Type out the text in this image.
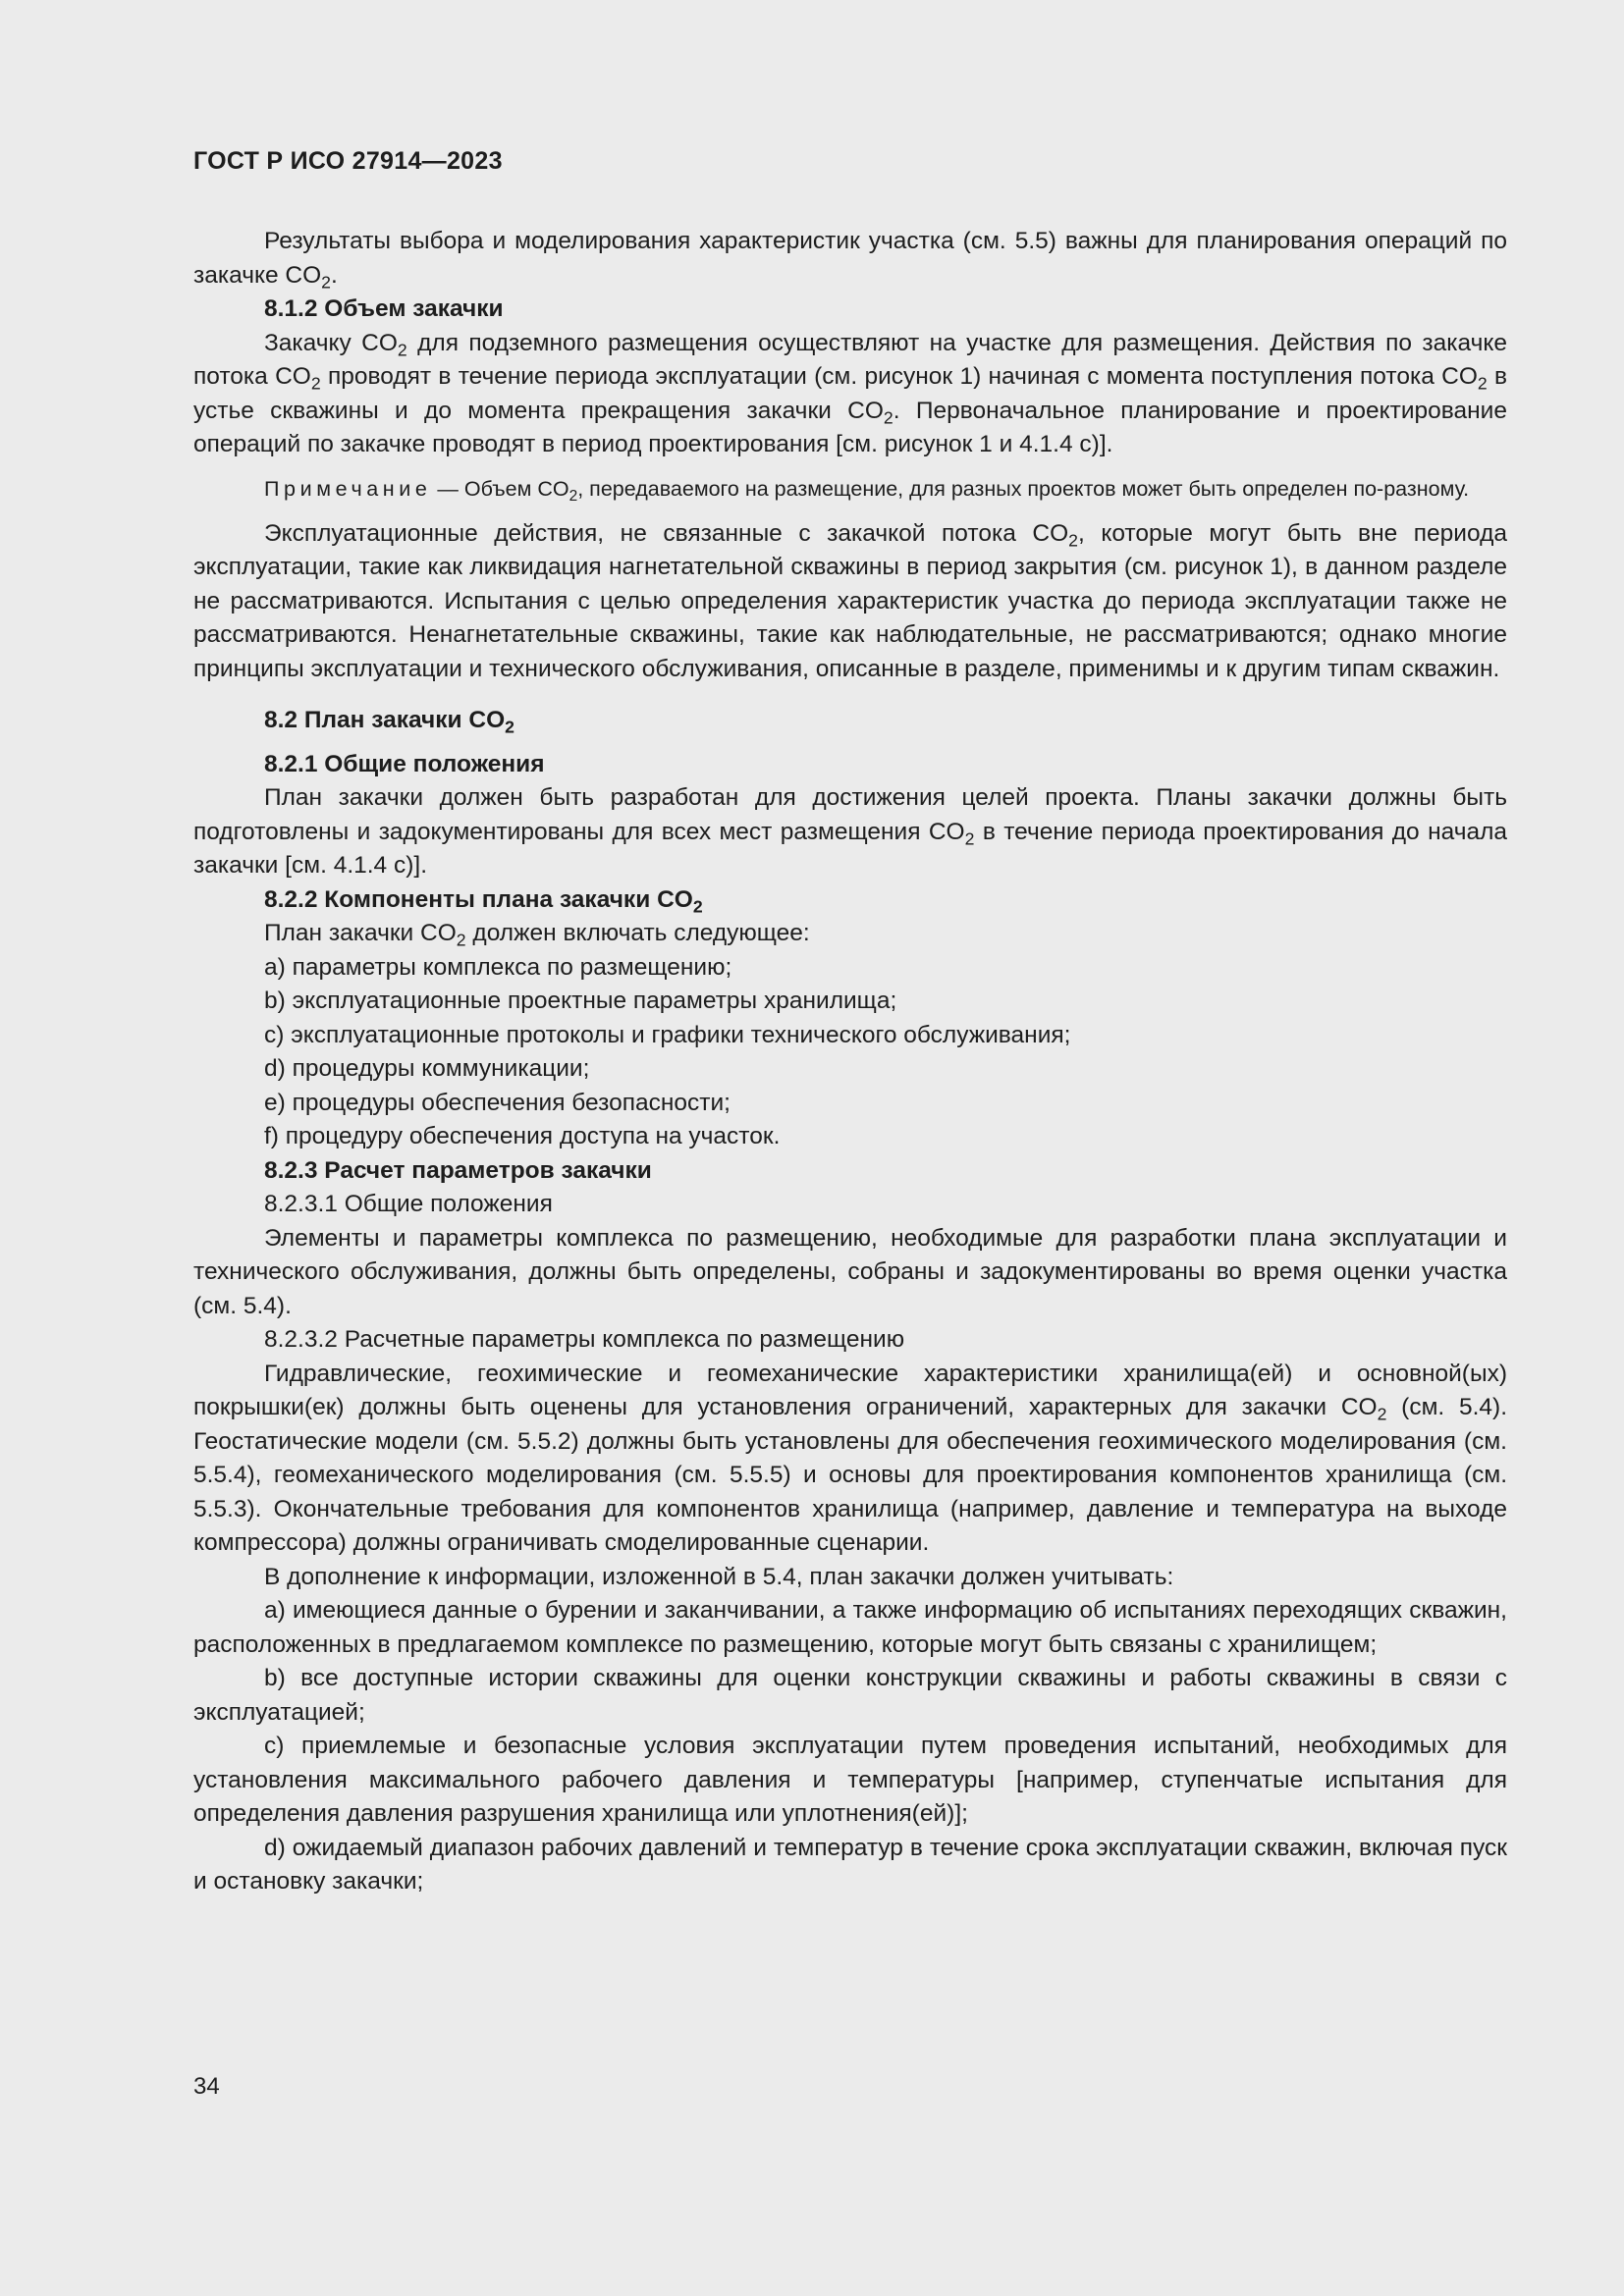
ГОСТ Р ИСО 27914—2023

Результаты выбора и моделирования характеристик участка (см. 5.5) важны для планирования операций по закачке $CO_2$.

8.1.2 Объем закачки

Закачку $CO_2$ для подземного размещения осуществляют на участке для размещения. Действия по закачке потока $CO_2$ проводят в течение периода эксплуатации (см. рисунок 1) начиная с момента поступления потока $CO_2$ в устье скважины и до момента прекращения закачки $CO_2$. Первоначальное планирование и проектирование операций по закачке проводят в период проектирования [см. рисунок 1 и 4.1.4 c)].

Примечание — Объем $CO_2$, передаваемого на размещение, для разных проектов может быть определен по-разному.

Эксплуатационные действия, не связанные с закачкой потока $CO_2$, которые могут быть вне периода эксплуатации, такие как ликвидация нагнетательной скважины в период закрытия (см. рисунок 1), в данном разделе не рассматриваются. Испытания с целью определения характеристик участка до периода эксплуатации также не рассматриваются. Ненагнетательные скважины, такие как наблюдательные, не рассматриваются; однако многие принципы эксплуатации и технического обслуживания, описанные в разделе, применимы и к другим типам скважин.

8.2 План закачки $CO_2$

8.2.1 Общие положения

План закачки должен быть разработан для достижения целей проекта. Планы закачки должны быть подготовлены и задокументированы для всех мест размещения $CO_2$ в течение периода проектирования до начала закачки [см. 4.1.4 c)].

8.2.2 Компоненты плана закачки $CO_2$

План закачки $CO_2$ должен включать следующее:

a) параметры комплекса по размещению;

b) эксплуатационные проектные параметры хранилища;

c) эксплуатационные протоколы и графики технического обслуживания;

d) процедуры коммуникации;

e) процедуры обеспечения безопасности;

f) процедуру обеспечения доступа на участок.

8.2.3 Расчет параметров закачки

8.2.3.1 Общие положения

Элементы и параметры комплекса по размещению, необходимые для разработки плана эксплуатации и технического обслуживания, должны быть определены, собраны и задокументированы во время оценки участка (см. 5.4).

8.2.3.2 Расчетные параметры комплекса по размещению

Гидравлические, геохимические и геомеханические характеристики хранилища(ей) и основной(ых) покрышки(ек) должны быть оценены для установления ограничений, характерных для закачки $CO_2$ (см. 5.4). Геостатические модели (см. 5.5.2) должны быть установлены для обеспечения геохимического моделирования (см. 5.5.4), геомеханического моделирования (см. 5.5.5) и основы для проектирования компонентов хранилища (см. 5.5.3). Окончательные требования для компонентов хранилища (например, давление и температура на выходе компрессора) должны ограничивать смоделированные сценарии.

В дополнение к информации, изложенной в 5.4, план закачки должен учитывать:

a) имеющиеся данные о бурении и заканчивании, а также информацию об испытаниях переходящих скважин, расположенных в предлагаемом комплексе по размещению, которые могут быть связаны с хранилищем;

b) все доступные истории скважины для оценки конструкции скважины и работы скважины в связи с эксплуатацией;

c) приемлемые и безопасные условия эксплуатации путем проведения испытаний, необходимых для установления максимального рабочего давления и температуры [например, ступенчатые испытания для определения давления разрушения хранилища или уплотнения(ей)];

d) ожидаемый диапазон рабочих давлений и температур в течение срока эксплуатации скважин, включая пуск и остановку закачки;

34
